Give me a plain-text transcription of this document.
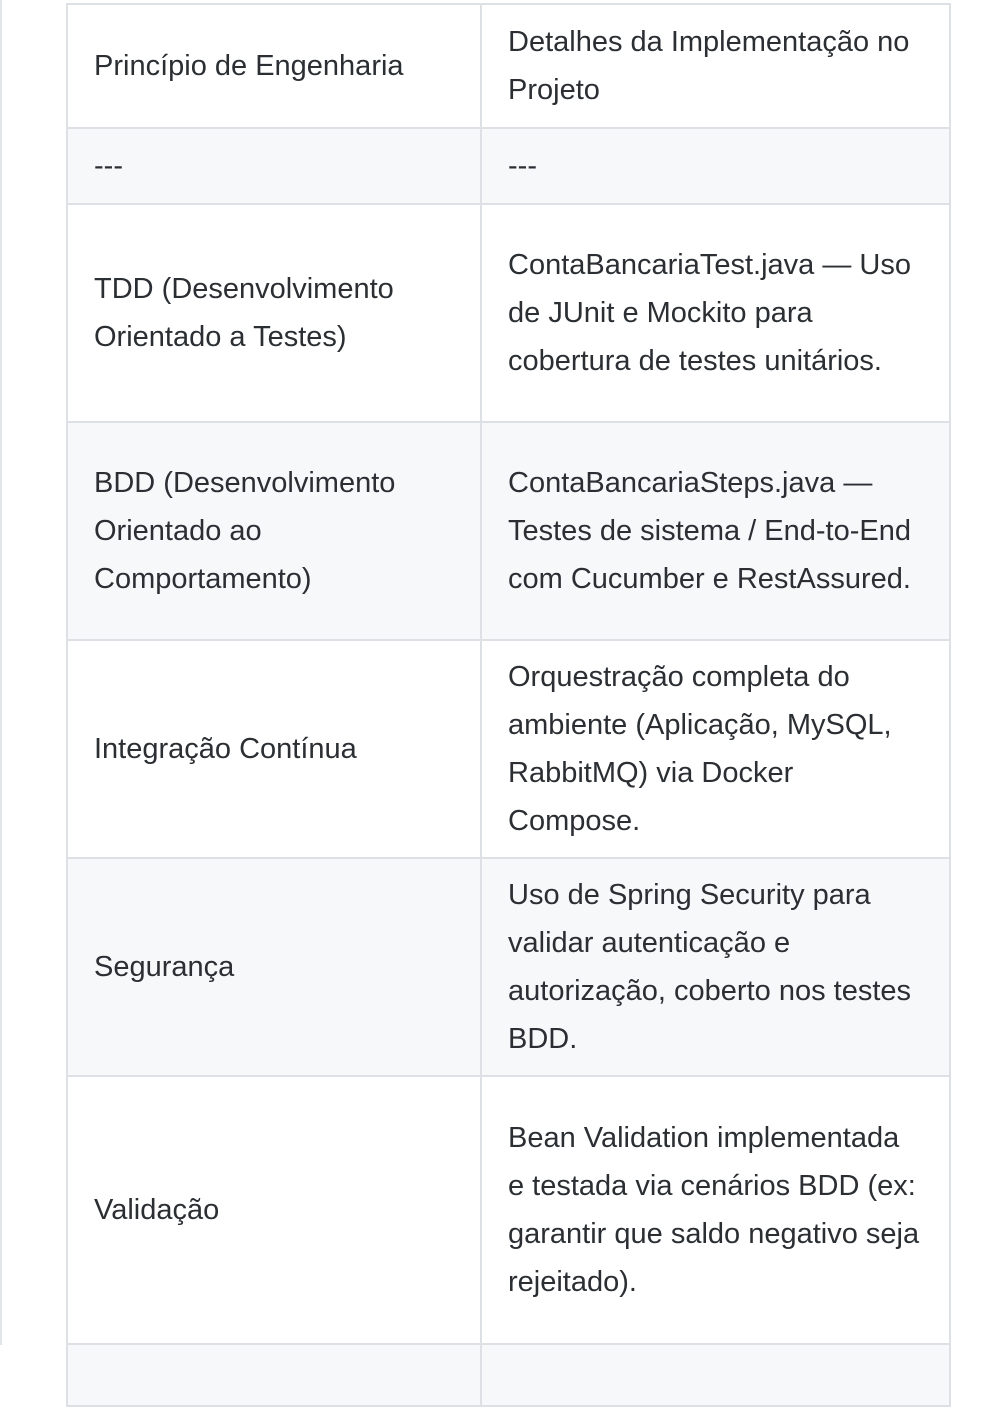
Princípio de Engenharia	Detalhes da Implementação no Projeto
---	---
TDD (Desenvolvimento Orientado a Testes)	ContaBancariaTest.java — Uso de JUnit e Mockito para cobertura de testes unitários.
BDD (Desenvolvimento Orientado ao Comportamento)	ContaBancariaSteps.java — Testes de sistema / End-to-End com Cucumber e RestAssured.
Integração Contínua	Orquestração completa do ambiente (Aplicação, MySQL, RabbitMQ) via Docker Compose.
Segurança	Uso de Spring Security para validar autenticação e autorização, coberto nos testes BDD.
Validação	Bean Validation implementada e testada via cenários BDD (ex: garantir que saldo negativo seja rejeitado).
